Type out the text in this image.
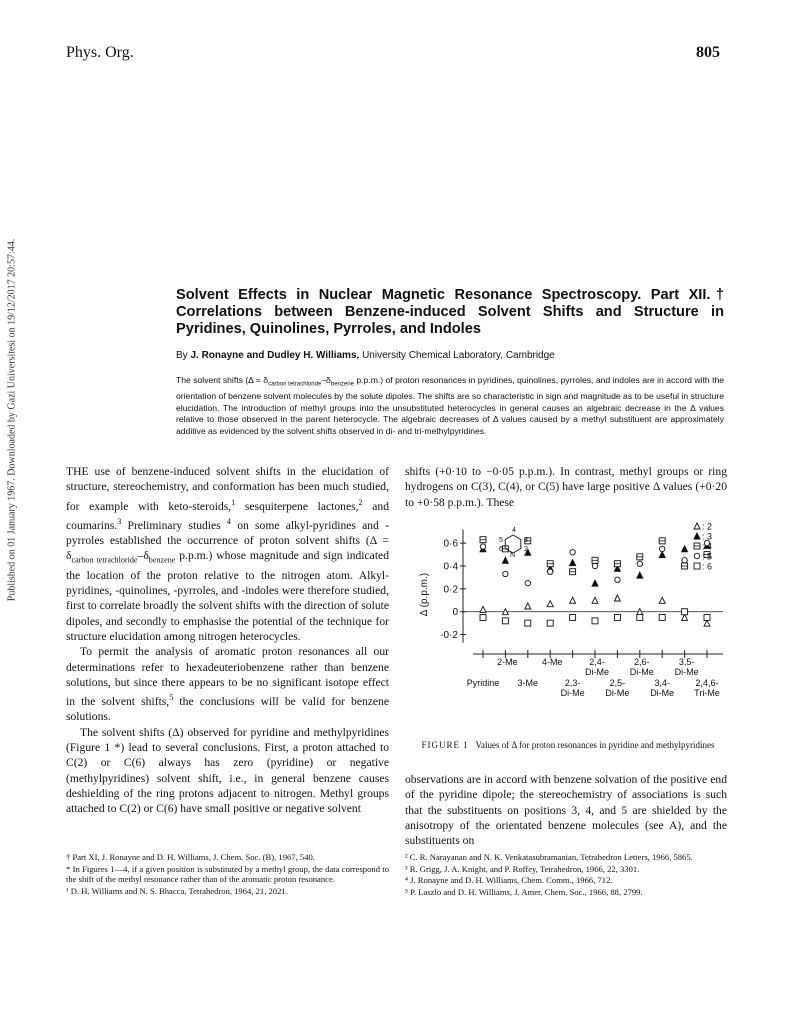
Phys. Org.	805
Published on 01 January 1967. Downloaded by Gazi Universitesi on 19/12/2017 20:57:44.	Solvent Effects in Nuclear Magnetic Resonance Spectroscopy. Part XII.† Correlations between Benzene-induced Solvent Shifts and Structure in Pyridines, Quinolines, Pyrroles, and Indoles
By J. Ronayne and Dudley H. Williams, University Chemical Laboratory, Cambridge
The solvent shifts ($\Delta = \delta_{carbon tetrachloride}-\delta_{benzene}$ p.p.m.) of proton resonances in pyridines, quinolines, pyrroles, and indoles are in accord with the orientation of benzene solvent molecules by the solute dipoles. The shifts are so characteristic in sign and magnitude as to be useful in structure elucidation. The introduction of methyl groups into the unsubstituted heterocycles in general causes an algebraic decrease in the Δ values relative to those observed in the parent heterocycle. The algebraic decreases of Δ values caused by a methyl substituent are approximately additive as evidenced by the solvent shifts observed in di- and tri-methylpyridines.

THE use of benzene-induced solvent shifts in the elucidation of structure, stereochemistry, and conformation has been much studied, for example with keto-steroids,$^1$ sesquiterpene lactones,$^2$ and coumarins.$^3$ Preliminary studies $^4$ on some alkyl-pyridines and -pyrroles established the occurrence of proton solvent shifts ($\Delta = \delta_{carbon tetrachloride}-\delta_{benzene}$ p.p.m.) whose magnitude and sign indicated the location of the proton relative to the nitrogen atom. Alkyl-pyridines, -quinolines, -pyrroles, and -indoles were therefore studied, first to correlate broadly the solvent shifts with the direction of solute dipoles, and secondly to emphasise the potential of the technique for structure elucidation among nitrogen heterocycles.

To permit the analysis of aromatic proton resonances all our determinations refer to hexadeuteriobenzene rather than benzene solutions, but since there appears to be no significant isotope effect in the solvent shifts,$^5$ the conclusions will be valid for benzene solutions.

The solvent shifts (Δ) observed for pyridine and methylpyridines (Figure 1 *) lead to several conclusions. First, a proton attached to C(2) or C(6) always has zero (pyridine) or negative (methylpyridines) solvent shift, i.e., in general benzene causes deshielding of the ring protons adjacent to nitrogen. Methyl groups attached to C(2) or C(6) have small positive or negative solvent

shifts (+0·10 to −0·05 p.p.m.). In contrast, methyl groups or ring hydrogens on C(3), C(4), or C(5) have large positive Δ values (+0·20 to +0·58 p.p.m.). These

0·6
0·4
0·2
0
-0·2
Δ (p.p.m.)
2-Me	4-Me	2,4-
Di-Me
2,6-
Di-Me
3,5-
Di-Me
Pyridine 3-Me	2,3-
Di-Me
2,5-
Di-Me
3,4-
Di-Me
2,4,6-
Tri-Me
: 2
: 3
: 4
: 5
: 6
4
5	3
6	2
N
FIGURE 1 Values of Δ for proton resonances in pyridine and methylpyridines

observations are in accord with benzene solvation of the positive end of the pyridine dipole; the stereochemistry of associations is such that the substituents on positions 3, 4, and 5 are shielded by the anisotropy of the orientated benzene molecules (see A), and the substituents on

† Part XI, J. Ronayne and D. H. Williams, J. Chem. Soc. (B), 1967, 540.

* In Figures 1—4, if a given position is substituted by a methyl group, the data correspond to the shift of the methyl resonance rather than of the aromatic proton resonance.

¹ D. H. Williams and N. S. Bhacca, Tetrahedron, 1964, 21, 2021.

² C. R. Narayanan and N. K. Venkatasubramanian, Tetrahedron Letters, 1966, 5865.

³ R. Grigg, J. A. Knight, and P. Roffey, Tetrahedron, 1966, 22, 3301.

⁴ J. Ronayne and D. H. Williams, Chem. Comm., 1966, 712.

⁵ P. Laszlo and D. H. Williams, J. Amer. Chem. Soc., 1966, 88, 2799.
